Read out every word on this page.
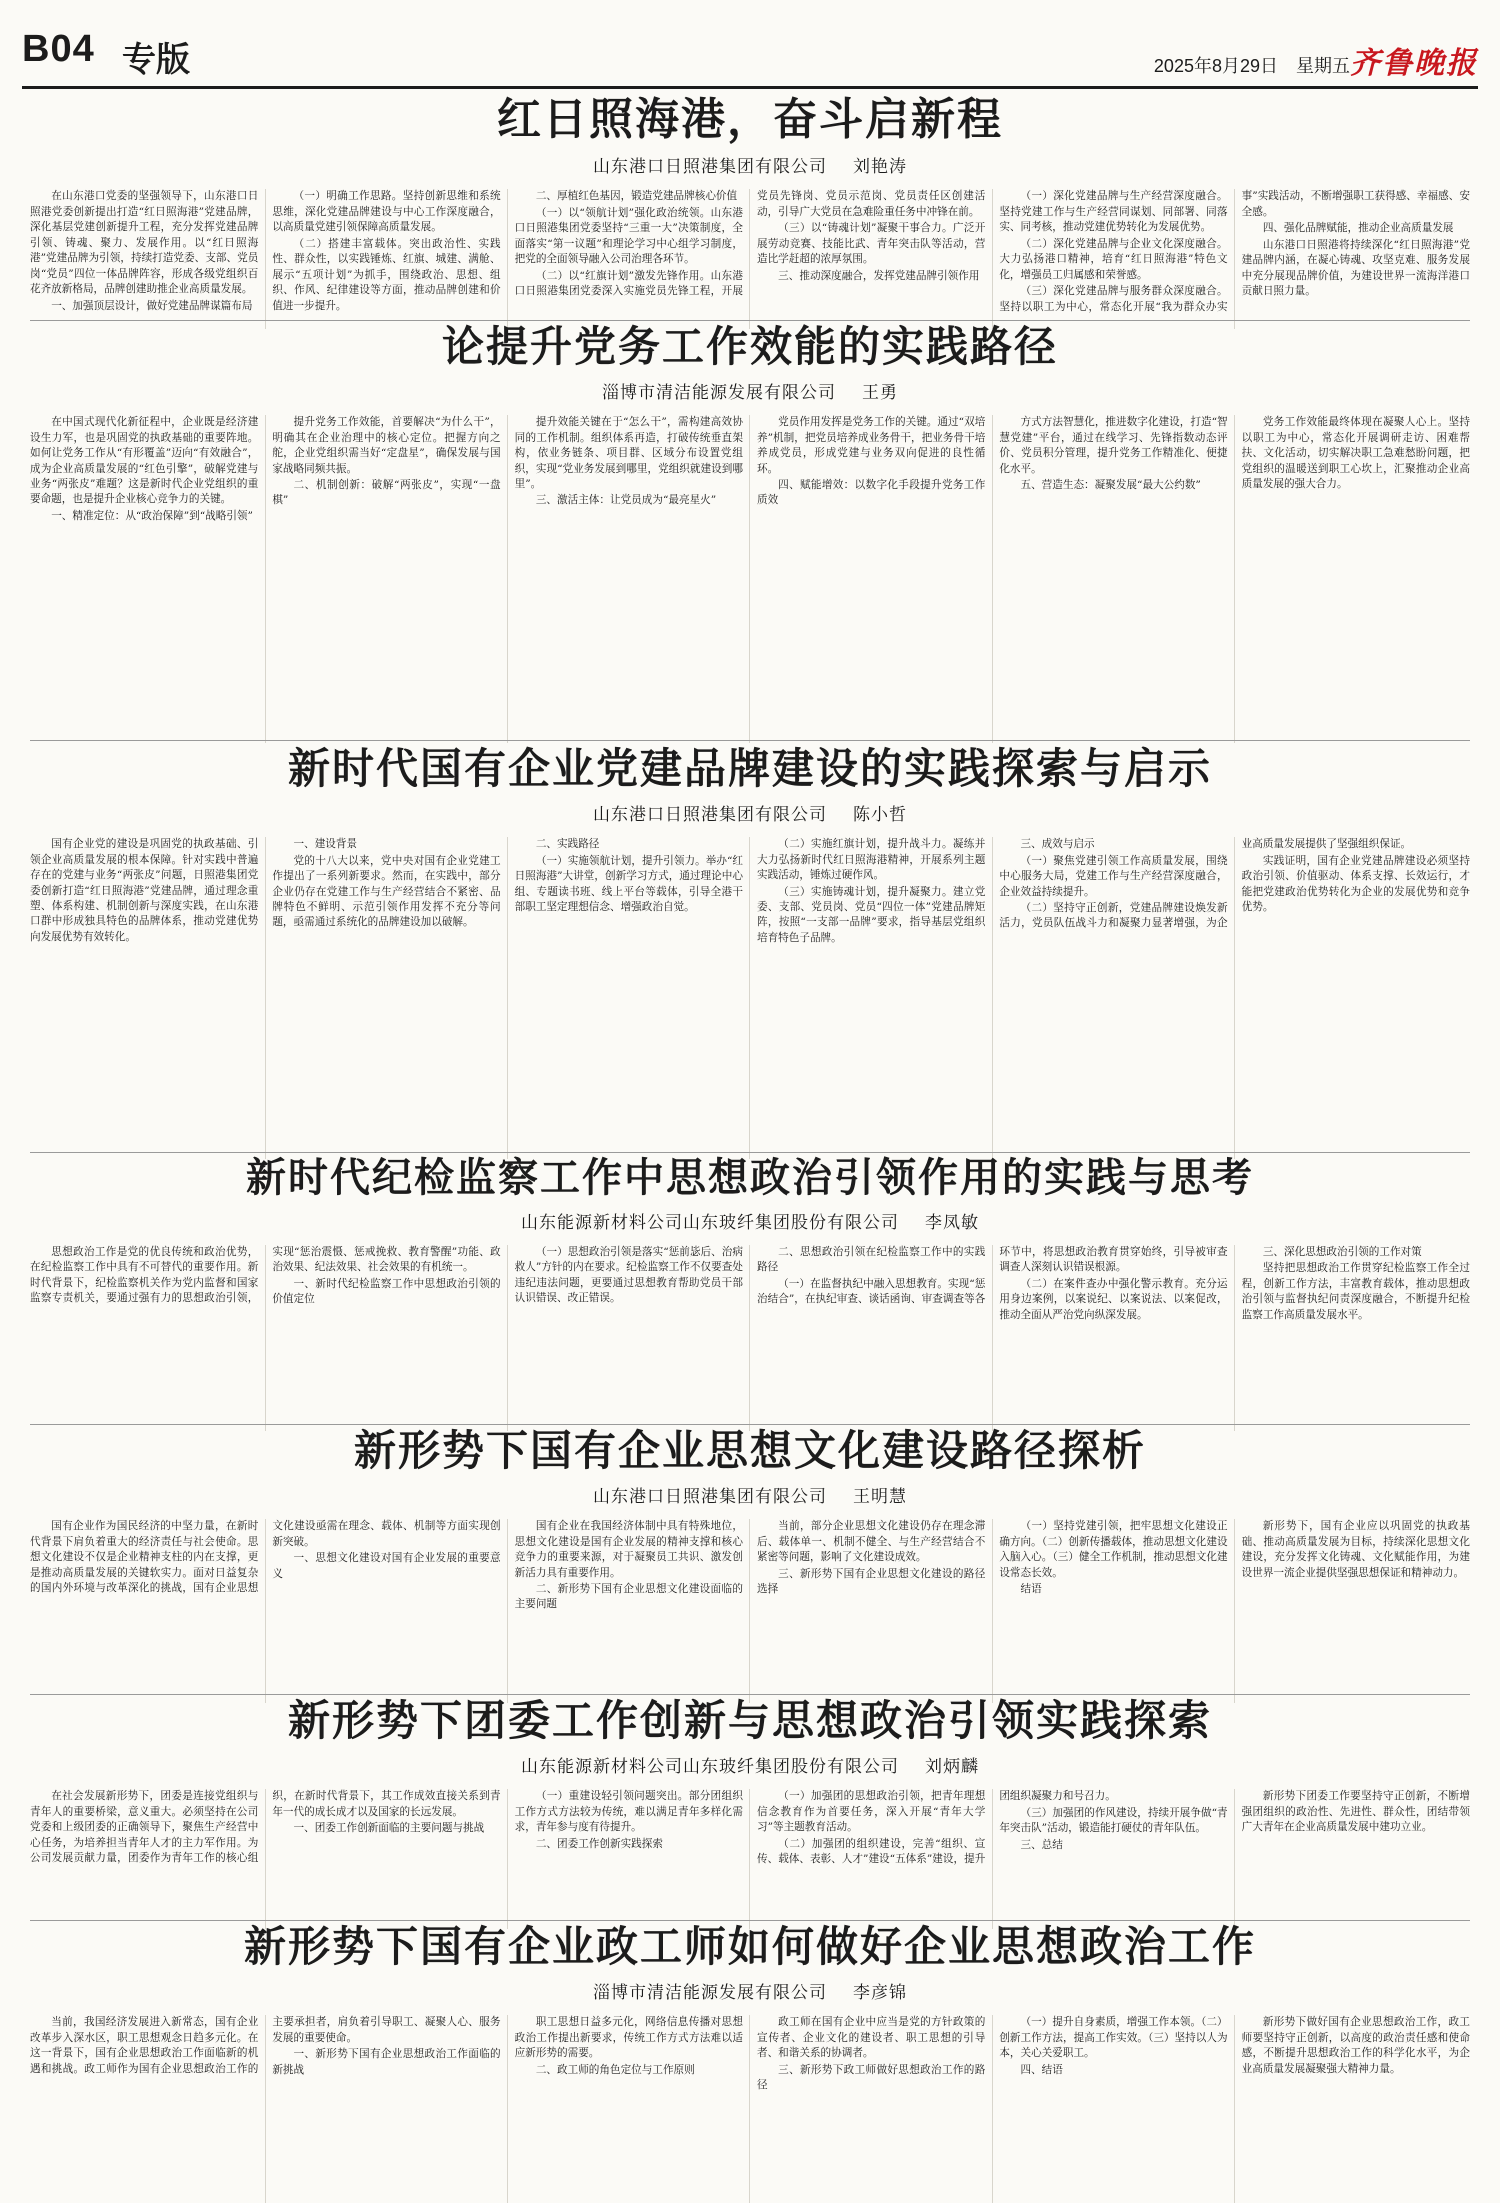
B04 专版	2025年8月29日 星期五 齐鲁晚报
红日照海港，奋斗启新程
山东港口日照港集团有限公司 刘艳涛

在山东港口党委的坚强领导下，山东港口日照港党委创新提出打造“红日照海港”党建品牌，深化基层党建创新提升工程，充分发挥党建品牌引领、铸魂、聚力、发展作用。以“红日照海港”党建品牌为引领，持续打造党委、支部、党员岗“党员”四位一体品牌阵容，形成各级党组织百花齐放新格局，品牌创建助推企业高质量发展。

一、加强顶层设计，做好党建品牌谋篇布局

（一）明确工作思路。坚持创新思维和系统思维，深化党建品牌建设与中心工作深度融合，以高质量党建引领保障高质量发展。

（二）搭建丰富载体。突出政治性、实践性、群众性，以实践锤炼、红旗、城建、满舱、展示“五项计划”为抓手，围绕政治、思想、组织、作风、纪律建设等方面，推动品牌创建和价值进一步提升。

二、厚植红色基因，锻造党建品牌核心价值

（一）以“领航计划”强化政治统领。山东港口日照港集团党委坚持“三重一大”决策制度，全面落实“第一议题”和理论学习中心组学习制度，把党的全面领导融入公司治理各环节。

（二）以“红旗计划”激发先锋作用。山东港口日照港集团党委深入实施党员先锋工程，开展党员先锋岗、党员示范岗、党员责任区创建活动，引导广大党员在急难险重任务中冲锋在前。

（三）以“铸魂计划”凝聚干事合力。广泛开展劳动竞赛、技能比武、青年突击队等活动，营造比学赶超的浓厚氛围。

三、推动深度融合，发挥党建品牌引领作用

（一）深化党建品牌与生产经营深度融合。坚持党建工作与生产经营同谋划、同部署、同落实、同考核，推动党建优势转化为发展优势。

（二）深化党建品牌与企业文化深度融合。大力弘扬港口精神，培育“红日照海港”特色文化，增强员工归属感和荣誉感。

（三）深化党建品牌与服务群众深度融合。坚持以职工为中心，常态化开展“我为群众办实事”实践活动，不断增强职工获得感、幸福感、安全感。

四、强化品牌赋能，推动企业高质量发展

山东港口日照港将持续深化“红日照海港”党建品牌内涵，在凝心铸魂、攻坚克难、服务发展中充分展现品牌价值，为建设世界一流海洋港口贡献日照力量。

论提升党务工作效能的实践路径
淄博市清洁能源发展有限公司 王勇

在中国式现代化新征程中，企业既是经济建设生力军，也是巩固党的执政基础的重要阵地。如何让党务工作从“有形覆盖”迈向“有效融合”，成为企业高质量发展的“红色引擎”，破解党建与业务“两张皮”难题？这是新时代企业党组织的重要命题，也是提升企业核心竞争力的关键。

一、精准定位：从“政治保障”到“战略引领”

提升党务工作效能，首要解决“为什么干”，明确其在企业治理中的核心定位。把握方向之舵，企业党组织需当好“定盘星”，确保发展与国家战略同频共振。

二、机制创新：破解“两张皮”，实现“一盘棋”

提升效能关键在于“怎么干”，需构建高效协同的工作机制。组织体系再造，打破传统垂直架构，依业务链条、项目群、区域分布设置党组织，实现“党业务发展到哪里，党组织就建设到哪里”。

三、激活主体：让党员成为“最亮星火”

党员作用发挥是党务工作的关键。通过“双培养”机制，把党员培养成业务骨干，把业务骨干培养成党员，形成党建与业务双向促进的良性循环。

四、赋能增效：以数字化手段提升党务工作质效

方式方法智慧化，推进数字化建设，打造“智慧党建”平台，通过在线学习、先锋指数动态评价、党员积分管理，提升党务工作精准化、便捷化水平。

五、营造生态：凝聚发展“最大公约数”

党务工作效能最终体现在凝聚人心上。坚持以职工为中心，常态化开展调研走访、困难帮扶、文化活动，切实解决职工急难愁盼问题，把党组织的温暖送到职工心坎上，汇聚推动企业高质量发展的强大合力。

新时代国有企业党建品牌建设的实践探索与启示
山东港口日照港集团有限公司 陈小哲

国有企业党的建设是巩固党的执政基础、引领企业高质量发展的根本保障。针对实践中普遍存在的党建与业务“两张皮”问题，日照港集团党委创新打造“红日照海港”党建品牌，通过理念重塑、体系构建、机制创新与深度实践，在山东港口群中形成独具特色的品牌体系，推动党建优势向发展优势有效转化。

一、建设背景

党的十八大以来，党中央对国有企业党建工作提出了一系列新要求。然而，在实践中，部分企业仍存在党建工作与生产经营结合不紧密、品牌特色不鲜明、示范引领作用发挥不充分等问题，亟需通过系统化的品牌建设加以破解。

二、实践路径

（一）实施领航计划，提升引领力。举办“红日照海港”大讲堂，创新学习方式，通过理论中心组、专题读书班、线上平台等载体，引导全港干部职工坚定理想信念、增强政治自觉。

（二）实施红旗计划，提升战斗力。凝练并大力弘扬新时代红日照海港精神，开展系列主题实践活动，锤炼过硬作风。

（三）实施铸魂计划，提升凝聚力。建立党委、支部、党员岗、党员“四位一体”党建品牌矩阵，按照“一支部一品牌”要求，指导基层党组织培育特色子品牌。

三、成效与启示

（一）聚焦党建引领工作高质量发展，围绕中心服务大局，党建工作与生产经营深度融合，企业效益持续提升。

（二）坚持守正创新，党建品牌建设焕发新活力，党员队伍战斗力和凝聚力显著增强，为企业高质量发展提供了坚强组织保证。

实践证明，国有企业党建品牌建设必须坚持政治引领、价值驱动、体系支撑、长效运行，才能把党建政治优势转化为企业的发展优势和竞争优势。

新时代纪检监察工作中思想政治引领作用的实践与思考
山东能源新材料公司山东玻纤集团股份有限公司 李凤敏

思想政治工作是党的优良传统和政治优势，在纪检监察工作中具有不可替代的重要作用。新时代背景下，纪检监察机关作为党内监督和国家监察专责机关，要通过强有力的思想政治引领，实现“惩治震慑、惩戒挽救、教育警醒”功能、政治效果、纪法效果、社会效果的有机统一。

一、新时代纪检监察工作中思想政治引领的价值定位

（一）思想政治引领是落实“惩前毖后、治病救人”方针的内在要求。纪检监察工作不仅要查处违纪违法问题，更要通过思想教育帮助党员干部认识错误、改正错误。

二、思想政治引领在纪检监察工作中的实践路径

（一）在监督执纪中融入思想教育。实现“惩治结合”，在执纪审查、谈话函询、审查调查等各环节中，将思想政治教育贯穿始终，引导被审查调查人深刻认识错误根源。

（二）在案件查办中强化警示教育。充分运用身边案例，以案说纪、以案说法、以案促改，推动全面从严治党向纵深发展。

三、深化思想政治引领的工作对策

坚持把思想政治工作贯穿纪检监察工作全过程，创新工作方法，丰富教育载体，推动思想政治引领与监督执纪问责深度融合，不断提升纪检监察工作高质量发展水平。

新形势下国有企业思想文化建设路径探析
山东港口日照港集团有限公司 王明慧

国有企业作为国民经济的中坚力量，在新时代背景下肩负着重大的经济责任与社会使命。思想文化建设不仅是企业精神支柱的内在支撑，更是推动高质量发展的关键软实力。面对日益复杂的国内外环境与改革深化的挑战，国有企业思想文化建设亟需在理念、载体、机制等方面实现创新突破。

一、思想文化建设对国有企业发展的重要意义

国有企业在我国经济体制中具有特殊地位，思想文化建设是国有企业发展的精神支撑和核心竞争力的重要来源，对于凝聚员工共识、激发创新活力具有重要作用。

二、新形势下国有企业思想文化建设面临的主要问题

当前，部分企业思想文化建设仍存在理念滞后、载体单一、机制不健全、与生产经营结合不紧密等问题，影响了文化建设成效。

三、新形势下国有企业思想文化建设的路径选择

（一）坚持党建引领，把牢思想文化建设正确方向。（二）创新传播载体，推动思想文化建设入脑入心。（三）健全工作机制，推动思想文化建设常态长效。

结语

新形势下，国有企业应以巩固党的执政基础、推动高质量发展为目标，持续深化思想文化建设，充分发挥文化铸魂、文化赋能作用，为建设世界一流企业提供坚强思想保证和精神动力。

新形势下团委工作创新与思想政治引领实践探索
山东能源新材料公司山东玻纤集团股份有限公司 刘炳麟

在社会发展新形势下，团委是连接党组织与青年人的重要桥梁，意义重大。必须坚持在公司党委和上级团委的正确领导下，聚焦生产经营中心任务，为培养担当青年人才的主力军作用。为公司发展贡献力量，团委作为青年工作的核心组织，在新时代背景下，其工作成效直接关系到青年一代的成长成才以及国家的长远发展。

一、团委工作创新面临的主要问题与挑战

（一）重建设轻引领问题突出。部分团组织工作方式方法较为传统，难以满足青年多样化需求，青年参与度有待提升。

二、团委工作创新实践探索

（一）加强团的思想政治引领，把青年理想信念教育作为首要任务，深入开展“青年大学习”等主题教育活动。

（二）加强团的组织建设，完善“组织、宣传、载体、表彰、人才”建设“五体系”建设，提升团组织凝聚力和号召力。

（三）加强团的作风建设，持续开展争做“青年突击队”活动，锻造能打硬仗的青年队伍。

三、总结

新形势下团委工作要坚持守正创新，不断增强团组织的政治性、先进性、群众性，团结带领广大青年在企业高质量发展中建功立业。

新形势下国有企业政工师如何做好企业思想政治工作
淄博市清洁能源发展有限公司 李彦锦

当前，我国经济发展进入新常态，国有企业改革步入深水区，职工思想观念日趋多元化。在这一背景下，国有企业思想政治工作面临新的机遇和挑战。政工师作为国有企业思想政治工作的主要承担者，肩负着引导职工、凝聚人心、服务发展的重要使命。

一、新形势下国有企业思想政治工作面临的新挑战

职工思想日益多元化，网络信息传播对思想政治工作提出新要求，传统工作方式方法难以适应新形势的需要。

二、政工师的角色定位与工作原则

政工师在国有企业中应当是党的方针政策的宣传者、企业文化的建设者、职工思想的引导者、和谐关系的协调者。

三、新形势下政工师做好思想政治工作的路径

（一）提升自身素质，增强工作本领。（二）创新工作方法，提高工作实效。（三）坚持以人为本，关心关爱职工。

四、结语

新形势下做好国有企业思想政治工作，政工师要坚持守正创新，以高度的政治责任感和使命感，不断提升思想政治工作的科学化水平，为企业高质量发展凝聚强大精神力量。
